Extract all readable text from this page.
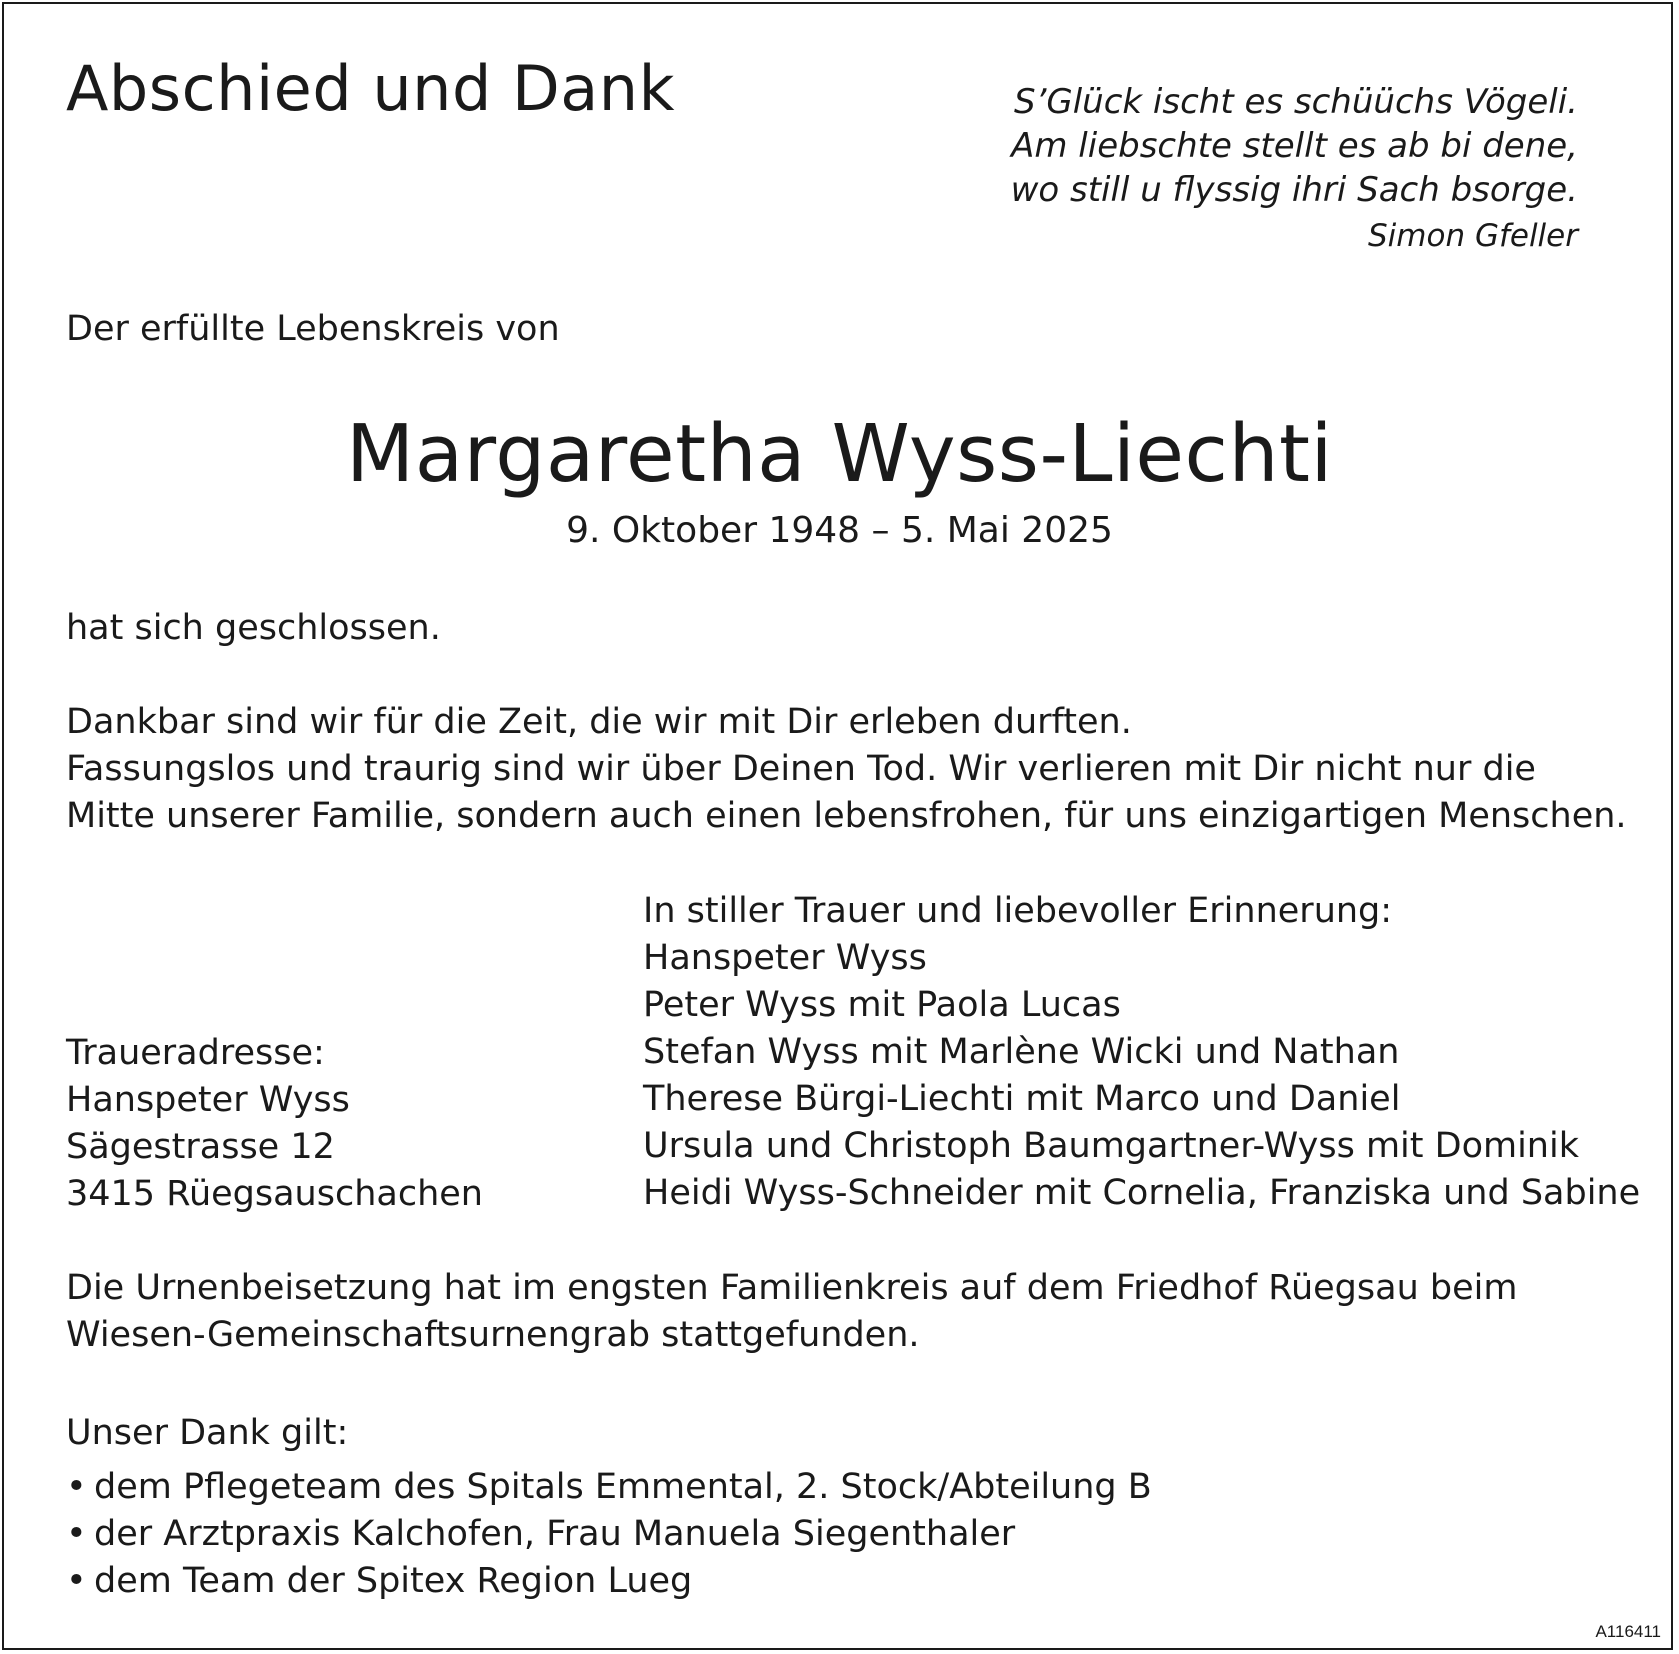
Abschied und Dank	S’Glück ischt es schüüchs Vögeli.
Am liebschte stellt es ab bi dene,
wo still u flyssig ihri Sach bsorge.
Simon Gfeller
Der erfüllte Lebenskreis von
Margaretha Wyss-Liechti
9. Oktober 1948 – 5. Mai 2025
hat sich geschlossen.
Dankbar sind wir für die Zeit, die wir mit Dir erleben durften.
Fassungslos und traurig sind wir über Deinen Tod. Wir verlieren mit Dir nicht nur die
Mitte unserer Familie, sondern auch einen lebensfrohen, für uns einzigartigen Menschen.
In stiller Trauer und liebevoller Erinnerung:
Hanspeter Wyss
Peter Wyss mit Paola Lucas
Stefan Wyss mit Marlène Wicki und Nathan
Therese Bürgi-Liechti mit Marco und Daniel
Ursula und Christoph Baumgartner-Wyss mit Dominik
Heidi Wyss-Schneider mit Cornelia, Franziska und Sabine
Traueradresse:
Hanspeter Wyss
Sägestrasse 12
3415 Rüegsauschachen
Die Urnenbeisetzung hat im engsten Familienkreis auf dem Friedhof Rüegsau beim
Wiesen-Gemeinschaftsurnengrab stattgefunden.
Unser Dank gilt:
• dem Pflegeteam des Spitals Emmental, 2. Stock/Abteilung B
• der Arztpraxis Kalchofen, Frau Manuela Siegenthaler
• dem Team der Spitex Region Lueg
A116411
